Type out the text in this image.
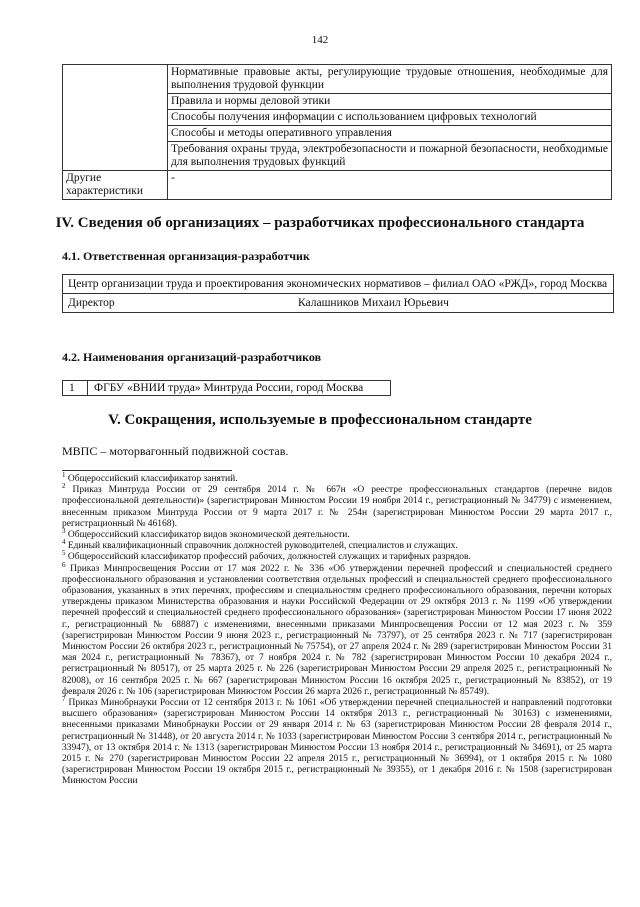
142
	Нормативные правовые акты, регулирующие трудовые отношения, необходимые для выполнения трудовой функции
	Правила и нормы деловой этики
	Способы получения информации с использованием цифровых технологий
	Способы и методы оперативного управления
	Требования охраны труда, электробезопасности и пожарной безопасности, необходимые для выполнения трудовых функций
Другие характеристики	-
IV. Сведения об организациях – разработчиках профессионального стандарта
4.1. Ответственная организация-разработчик
Центр организации труда и проектирования экономических нормативов – филиал ОАО «РЖД», город Москва
Директор	Калашников Михаил Юрьевич
4.2. Наименования организаций-разработчиков
1	ФГБУ «ВНИИ труда» Минтруда России, город Москва
V. Сокращения, используемые в профессиональном стандарте
МВПС – моторвагонный подвижной состав.

$^1$ Общероссийский классификатор занятий.

$^2$ Приказ Минтруда России от 29 сентября 2014 г. № 667н «О реестре профессиональных стандартов (перечне видов профессиональной деятельности)» (зарегистрирован Минюстом России 19 ноября 2014 г., регистрационный № 34779) с изменением, внесенным приказом Минтруда России от 9 марта 2017 г. № 254н (зарегистрирован Минюстом России 29 марта 2017 г., регистрационный № 46168).

$^3$ Общероссийский классификатор видов экономической деятельности.

$^4$ Единый квалификационный справочник должностей руководителей, специалистов и служащих.

$^5$ Общероссийский классификатор профессий рабочих, должностей служащих и тарифных разрядов.

$^6$ Приказ Минпросвещения России от 17 мая 2022 г. № 336 «Об утверждении перечней профессий и специальностей среднего профессионального образования и установлении соответствия отдельных профессий и специальностей среднего профессионального образования, указанных в этих перечнях, профессиям и специальностям среднего профессионального образования, перечни которых утверждены приказом Министерства образования и науки Российской Федерации от 29 октября 2013 г. № 1199 «Об утверждении перечней профессий и специальностей среднего профессионального образования» (зарегистрирован Минюстом России 17 июня 2022 г., регистрационный № 68887) с изменениями, внесенными приказами Минпросвещения России от 12 мая 2023 г. № 359 (зарегистрирован Минюстом России 9 июня 2023 г., регистрационный № 73797), от 25 сентября 2023 г. № 717 (зарегистрирован Минюстом России 26 октября 2023 г., регистрационный № 75754), от 27 апреля 2024 г. № 289 (зарегистрирован Минюстом России 31 мая 2024 г., регистрационный № 78367), от 7 ноября 2024 г. № 782 (зарегистрирован Минюстом России 10 декабря 2024 г., регистрационный № 80517), от 25 марта 2025 г. № 226 (зарегистрирован Минюстом России 29 апреля 2025 г., регистрационный № 82008), от 16 сентября 2025 г. № 667 (зарегистрирован Минюстом России 16 октября 2025 г., регистрационный № 83852), от 19 февраля 2026 г. № 106 (зарегистрирован Минюстом России 26 марта 2026 г., регистрационный № 85749).

$^7$ Приказ Минобрнауки России от 12 сентября 2013 г. № 1061 «Об утверждении перечней специальностей и направлений подготовки высшего образования» (зарегистрирован Минюстом России 14 октября 2013 г., регистрационный № 30163) с изменениями, внесенными приказами Минобрнауки России от 29 января 2014 г. № 63 (зарегистрирован Минюстом России 28 февраля 2014 г., регистрационный № 31448), от 20 августа 2014 г. № 1033 (зарегистрирован Минюстом России 3 сентября 2014 г., регистрационный № 33947), от 13 октября 2014 г. № 1313 (зарегистрирован Минюстом России 13 ноября 2014 г., регистрационный № 34691), от 25 марта 2015 г. № 270 (зарегистрирован Минюстом России 22 апреля 2015 г., регистрационный № 36994), от 1 октября 2015 г. № 1080 (зарегистрирован Минюстом России 19 октября 2015 г., регистрационный № 39355), от 1 декабря 2016 г. № 1508 (зарегистрирован Минюстом России
